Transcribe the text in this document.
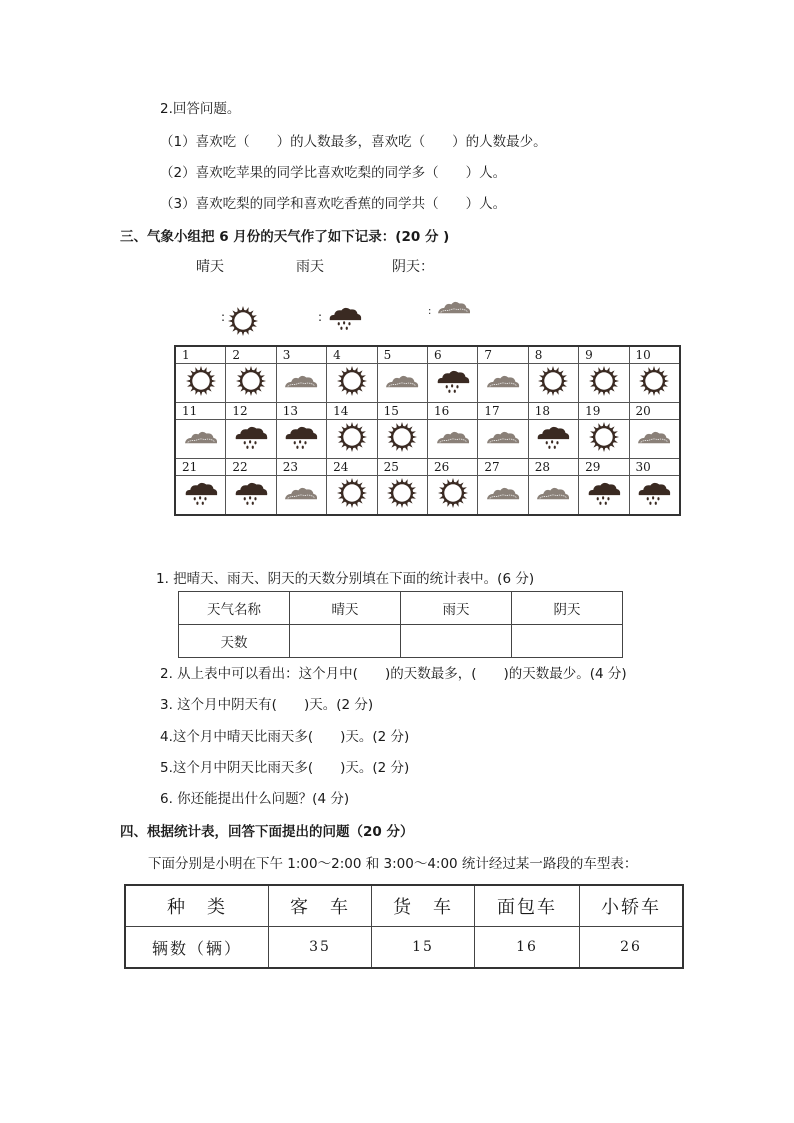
2.回答问题。
（1）喜欢吃（　　）的人数最多，喜欢吃（　　）的人数最少。
（2）喜欢吃苹果的同学比喜欢吃梨的同学多（　　）人。
（3）喜欢吃梨的同学和喜欢吃香蕉的同学共（　　）人。
三、气象小组把 6 月份的天气作了如下记录：(20 分 )
晴天	雨天	阴天：
:	:	:
1	2	3	4	5	6	7	8	9	10

11	12	13	14	15	16	17	18	19	20

21	22	23	24	25	26	27	28	29	30

1. 把晴天、雨天、阴天的天数分别填在下面的统计表中。(6 分)
天气名称	晴天	雨天	阴天
天数			
2. 从上表中可以看出：这个月中(　　)的天数最多，(　　)的天数最少。(4 分)
3. 这个月中阴天有(　　)天。(2 分)
4.这个月中晴天比雨天多(　　)天。(2 分)
5.这个月中阴天比雨天多(　　)天。(2 分)
6. 你还能提出什么问题？(4 分)
四、根据统计表，回答下面提出的问题（20 分）
下面分别是小明在下午 1:00～2:00 和 3:00～4:00 统计经过某一路段的车型表：
种　类	客　车	货　车	面包车	小轿车
辆数（辆）	35	15	16	26
